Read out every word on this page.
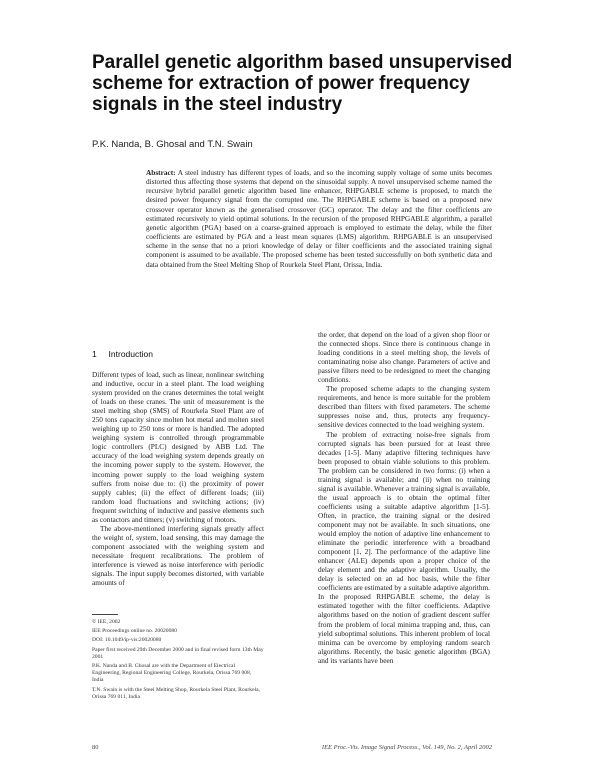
Parallel genetic algorithm based unsupervised scheme for extraction of power frequency signals in the steel industry
P.K. Nanda, B. Ghosal and T.N. Swain
Abstract: A steel industry has different types of loads, and so the incoming supply voltage of some units becomes distorted thus affecting those systems that depend on the sinusoidal supply. A novel unsupervised scheme named the recursive hybrid parallel genetic algorithm based line enhancer, RHPGABLE scheme is proposed, to match the desired power frequency signal from the corrupted one. The RHPGABLE scheme is based on a proposed new crossover operator known as the generalised crossover (GC) operator. The delay and the filter coefficients are estimated recursively to yield optimal solutions. In the recursion of the proposed RHPGABLE algorithm, a parallel genetic algorithm (PGA) based on a coarse-grained approach is employed to estimate the delay, while the filter coefficients are estimated by PGA and a least mean squares (LMS) algorithm. RHPGABLE is an unsupervised scheme in the sense that no a priori knowledge of delay or filter coefficients and the associated training signal component is assumed to be available. The proposed scheme has been tested successfully on both synthetic data and data obtained from the Steel Melting Shop of Rourkela Steel Plant, Orissa, India.
1 Introduction

Different types of load, such as linear, nonlinear switching and inductive, occur in a steel plant. The load weighing system provided on the cranes determines the total weight of loads on these cranes. The unit of measurement is the steel melting shop (SMS) of Rourkela Steel Plant are of 250 tons capacity since molten hot metal and molten steel weighing up to 250 tons or more is handled. The adopted weighing system is controlled through programmable logic controllers (PLC) designed by ABB Ltd. The accuracy of the load weighing system depends greatly on the incoming power supply to the system. However, the incoming power supply to the load weighing system suffers from noise due to: (i) the proximity of power supply cables; (ii) the effect of different loads; (iii) random load fluctuations and switching actions; (iv) frequent switching of inductive and passive elements such as contactors and timers; (v) switching of motors.

The above-mentioned interfering signals greatly affect the weight of, system, load sensing, this may damage the component associated with the weighing system and necessitate frequent recalibrations. The problem of interference is viewed as noise interference with periodic signals. The input supply becomes distorted, with variable amounts of

© IEE, 2002
IEE Proceedings online no. 20020080
DOI: 10.1049/ip-vis:20020080
Paper first received 29th December 2000 and in final revised form 13th May 2001
P.K. Nanda and B. Ghosal are with the Department of Electrical Engineering, Regional Engineering College, Rourkela, Orissa 769 008, India
T.N. Swain is with the Steel Melting Shop, Rourkela Steel Plant, Rourkela, Orissa 769 011, India

the order, that depend on the load of a given shop floor or the connected shops. Since there is continuous change in loading conditions in a steel melting shop, the levels of contaminating noise also change. Parameters of active and passive filters need to be redesigned to meet the changing conditions.

The proposed scheme adapts to the changing system requirements, and hence is more suitable for the problem described than filters with fixed parameters. The scheme suppresses noise and, thus, protects any frequency-sensitive devices connected to the load weighing system.

The problem of extracting noise-free signals from corrupted signals has been pursued for at least three decades [1-5]. Many adaptive filtering techniques have been proposed to obtain viable solutions to this problem. The problem can be considered in two forms: (i) when a training signal is available; and (ii) when no training signal is available. Whenever a training signal is available, the usual approach is to obtain the optimal filter coefficients using a suitable adaptive algorithm [1-5]. Often, in practice, the training signal or the desired component may not be available. In such situations, one would employ the notion of adaptive line enhancement to eliminate the periodic interference with a broadband component [1, 2]. The performance of the adaptive line enhancer (ALE) depends upon a proper choice of the delay element and the adaptive algorithm. Usually, the delay is selected on an ad hoc basis, while the filter coefficients are estimated by a suitable adaptive algorithm. In the proposed RHPGABLE scheme, the delay is estimated together with the filter coefficients. Adaptive algorithms based on the notion of gradient descent suffer from the problem of local minima trapping and, thus, can yield suboptimal solutions. This inherent problem of local minima can be overcome by employing random search algorithms. Recently, the basic genetic algorithm (BGA) and its variants have been

80	IEE Proc.-Vis. Image Signal Process., Vol. 149, No. 2, April 2002
